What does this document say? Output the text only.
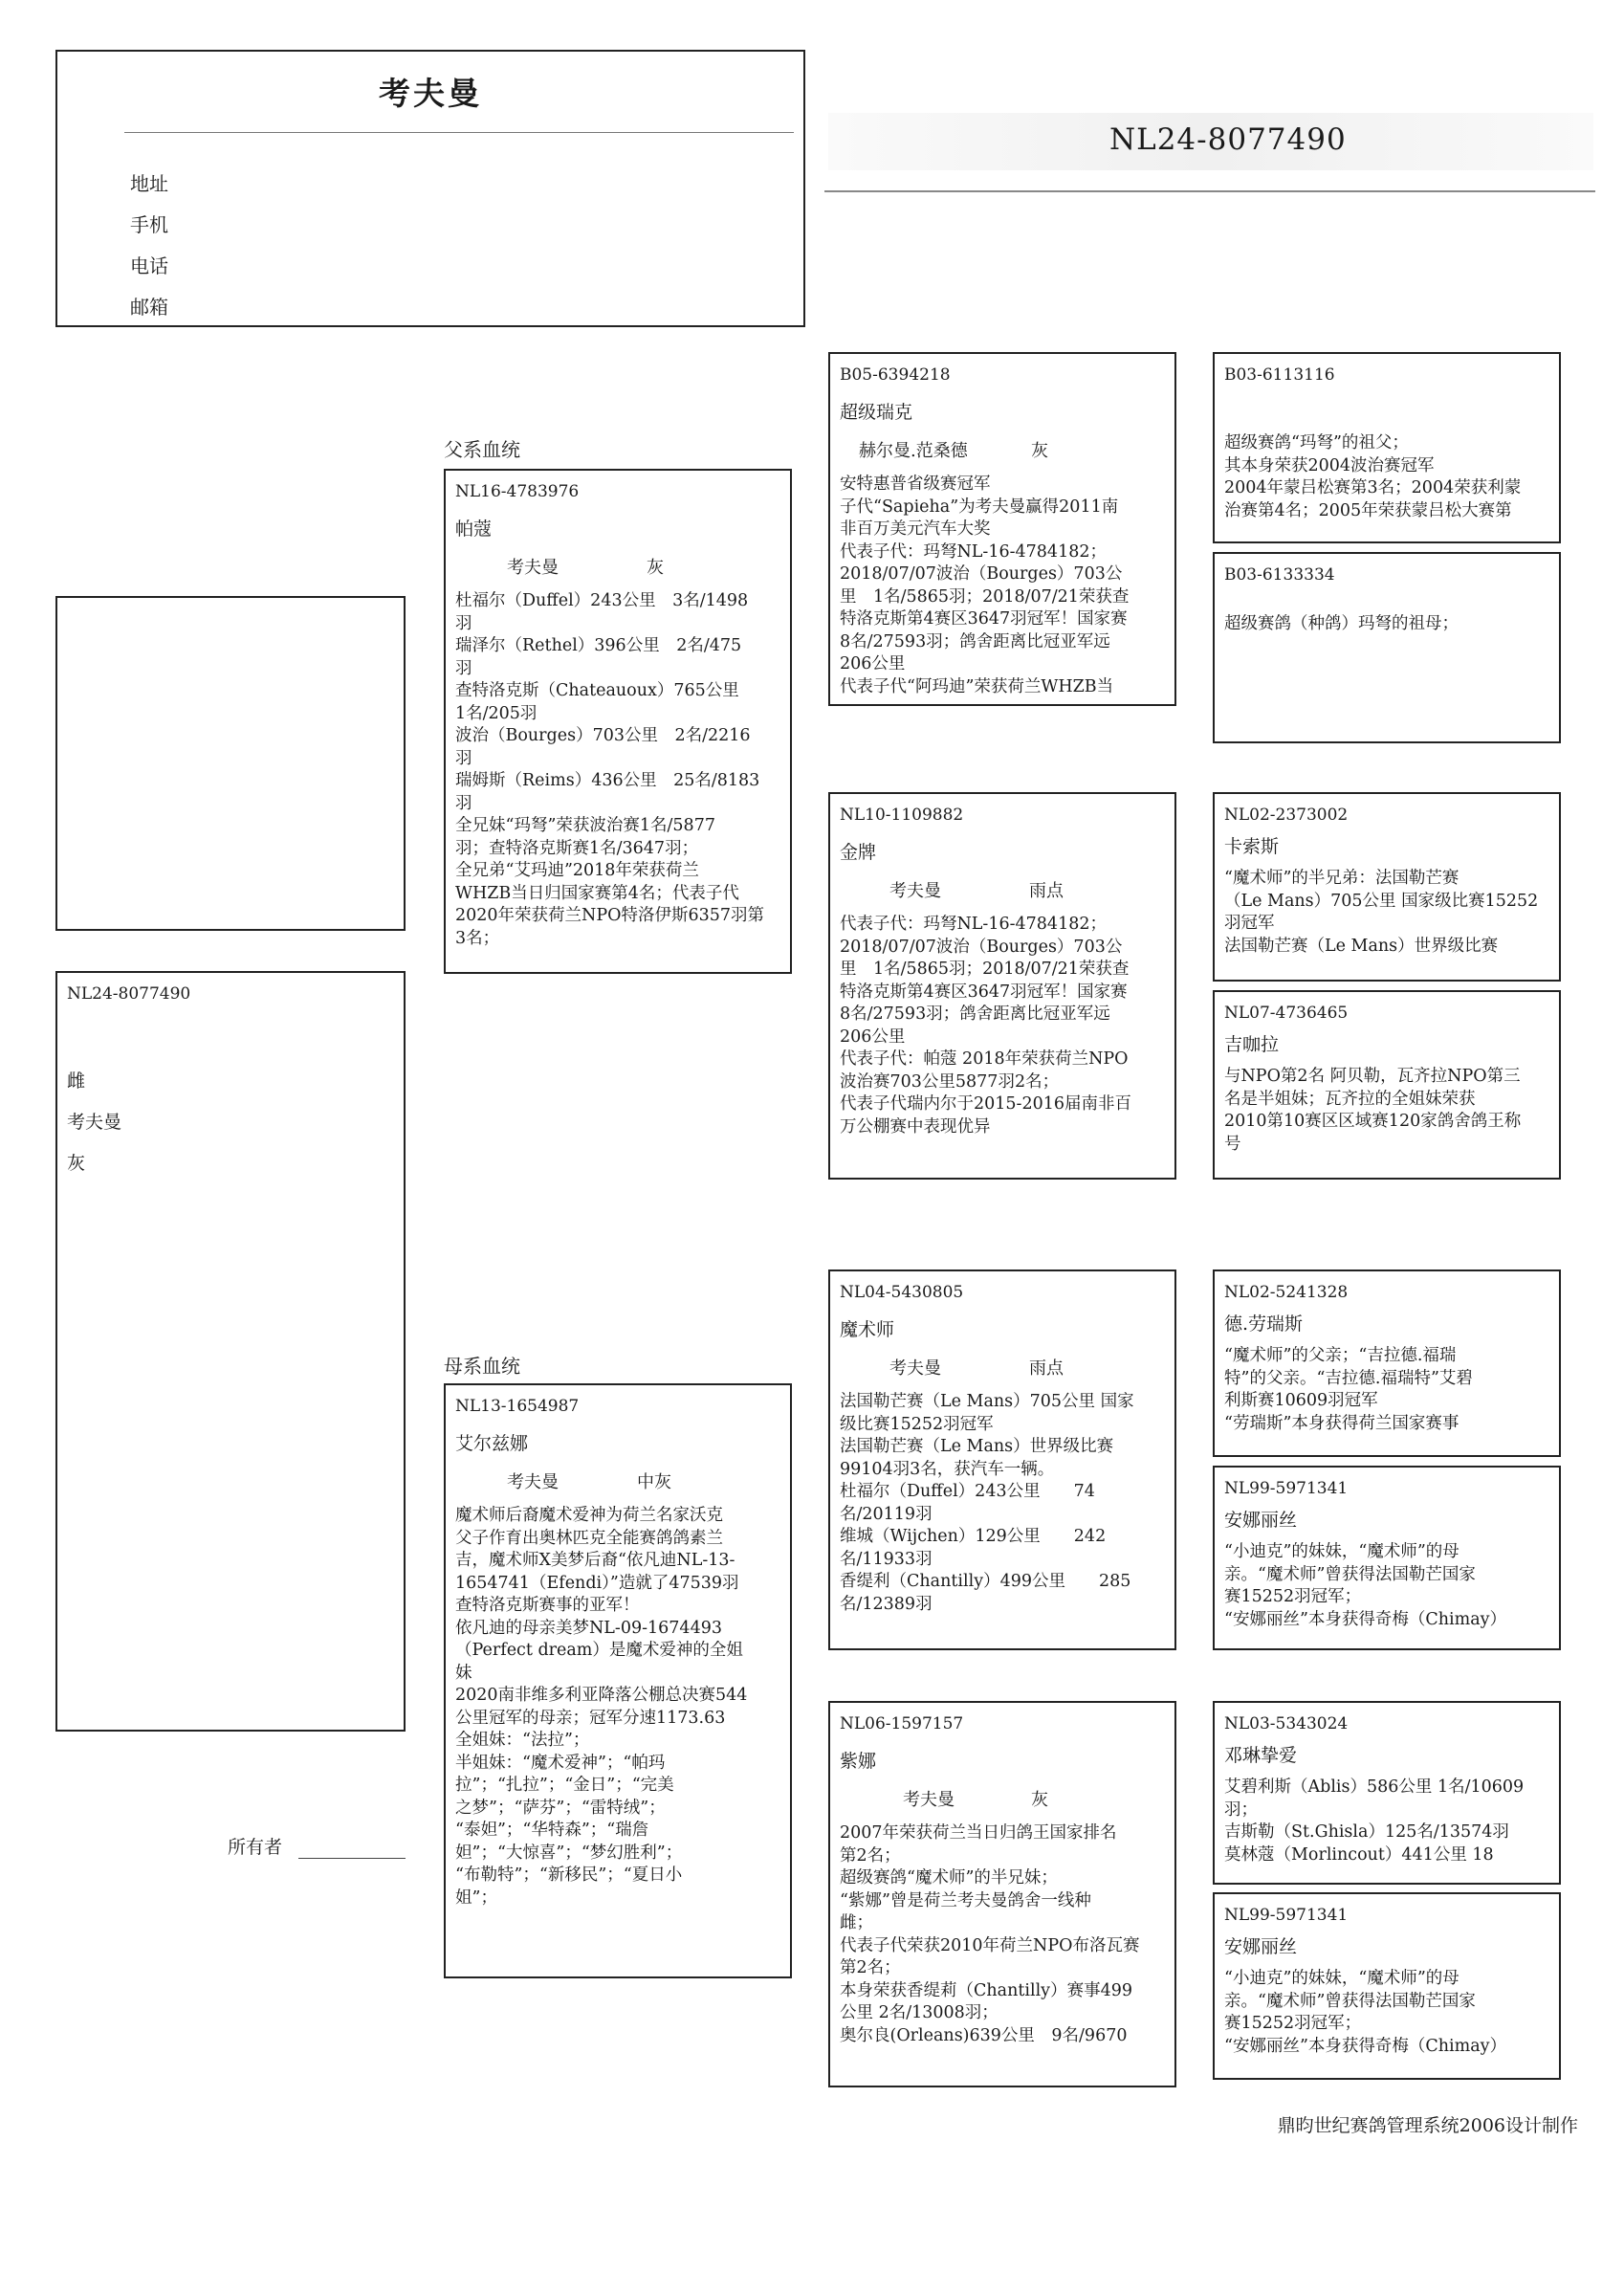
考夫曼
地址
手机
电话
邮箱
NL24-8077490
NL24-8077490
雌
考夫曼
灰
所有者
父系血统
母系血统
NL16-4783976
帕蔻
考夫曼	灰
杜福尔（Duffel）243公里　3名/1498
羽
瑞泽尔（Rethel）396公里　2名/475
羽
查特洛克斯（Chateauoux）765公里
1名/205羽
波治（Bourges）703公里　2名/2216
羽
瑞姆斯（Reims）436公里　25名/8183
羽
全兄妹“玛弩”荣获波治赛1名/5877
羽；查特洛克斯赛1名/3647羽；
全兄弟“艾玛迪”2018年荣获荷兰
WHZB当日归国家赛第4名；代表子代
2020年荣获荷兰NPO特洛伊斯6357羽第
3名；
NL13-1654987
艾尔兹娜
考夫曼	中灰
魔术师后裔魔术爱神为荷兰名家沃克
父子作育出奥林匹克全能赛鸽鸽素兰
吉，魔术师X美梦后裔“依凡迪NL-13-
1654741（Efendi）”造就了47539羽
查特洛克斯赛事的亚军！
依凡迪的母亲美梦NL-09-1674493
（Perfect dream）是魔术爱神的全姐
妹
2020南非维多利亚降落公棚总决赛544
公里冠军的母亲；冠军分速1173.63
全姐妹：“法拉”；
半姐妹：“魔术爱神”；“帕玛
拉”；“扎拉”；“金日”；“完美
之梦”；“萨芬”；“雷特绒”；
“泰妲”；“华特森”；“瑞詹
妲”；“大惊喜”；“梦幻胜利”；
“布勒特”；“新移民”；“夏日小
姐”；
B05-6394218
超级瑞克
赫尔曼.范桑德	灰
安特惠普省级赛冠军
子代“Sapieha”为考夫曼赢得2011南
非百万美元汽车大奖
代表子代：玛弩NL-16-4784182；
2018/07/07波治（Bourges）703公
里　1名/5865羽；2018/07/21荣获查
特洛克斯第4赛区3647羽冠军！国家赛
8名/27593羽；鸽舍距离比冠亚军远
206公里
代表子代“阿玛迪”荣获荷兰WHZB当
NL10-1109882
金牌
考夫曼	雨点
代表子代：玛弩NL-16-4784182；
2018/07/07波治（Bourges）703公
里　1名/5865羽；2018/07/21荣获查
特洛克斯第4赛区3647羽冠军！国家赛
8名/27593羽；鸽舍距离比冠亚军远
206公里
代表子代：帕蔻 2018年荣获荷兰NPO
波治赛703公里5877羽2名；
代表子代瑞内尔于2015-2016届南非百
万公棚赛中表现优异
NL04-5430805
魔术师
考夫曼	雨点
法国勒芒赛（Le Mans）705公里 国家
级比赛15252羽冠军
法国勒芒赛（Le Mans）世界级比赛
99104羽3名，获汽车一辆。
杜福尔（Duffel）243公里　　74
名/20119羽
维城（Wijchen）129公里　　242
名/11933羽
香缇利（Chantilly）499公里　　285
名/12389羽
NL06-1597157
紫娜
考夫曼	灰
2007年荣获荷兰当日归鸽王国家排名
第2名；
超级赛鸽“魔术师”的半兄妹；
“紫娜”曾是荷兰考夫曼鸽舍一线种
雌；
代表子代荣获2010年荷兰NPO布洛瓦赛
第2名；
本身荣获香缇莉（Chantilly）赛事499
公里 2名/13008羽；
奥尔良(Orleans)639公里　9名/9670
B03-6113116
超级赛鸽“玛弩”的祖父；
其本身荣获2004波治赛冠军
2004年蒙吕松赛第3名；2004荣获利蒙
治赛第4名；2005年荣获蒙吕松大赛第
B03-6133334
超级赛鸽（种鸽）玛弩的祖母；
NL02-2373002
卡索斯
“魔术师”的半兄弟：法国勒芒赛
（Le Mans）705公里 国家级比赛15252
羽冠军
法国勒芒赛（Le Mans）世界级比赛
NL07-4736465
吉咖拉
与NPO第2名 阿贝勒，瓦齐拉NPO第三
名是半姐妹；瓦齐拉的全姐妹荣获
2010第10赛区区域赛120家鸽舍鸽王称
号
NL02-5241328
德.劳瑞斯
“魔术师”的父亲；“吉拉德.福瑞
特”的父亲。“吉拉德.福瑞特”艾碧
利斯赛10609羽冠军
“劳瑞斯”本身获得荷兰国家赛事
NL99-5971341
安娜丽丝
“小迪克”的妹妹，“魔术师”的母
亲。“魔术师”曾获得法国勒芒国家
赛15252羽冠军；
“安娜丽丝”本身获得奇梅（Chimay）
NL03-5343024
邓琳挚爱
艾碧利斯（Ablis）586公里 1名/10609
羽；
吉斯勒（St.Ghisla）125名/13574羽
莫林蔻（Morlincout）441公里 18
NL99-5971341
安娜丽丝
“小迪克”的妹妹，“魔术师”的母
亲。“魔术师”曾获得法国勒芒国家
赛15252羽冠军；
“安娜丽丝”本身获得奇梅（Chimay）
鼎昀世纪赛鸽管理系统2006设计制作
